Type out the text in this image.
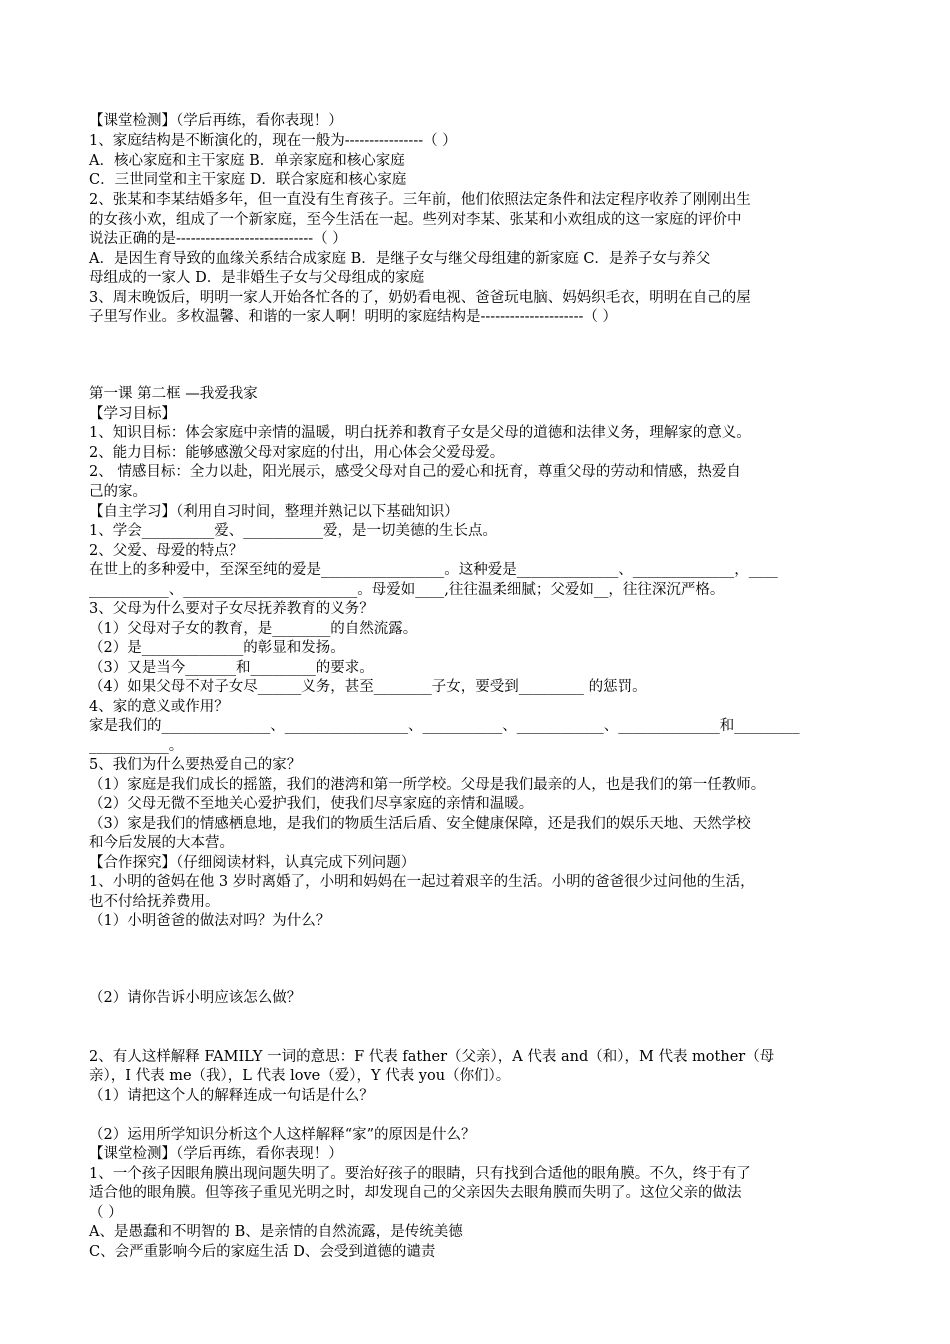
【课堂检测】（学后再练，看你表现！）
1、家庭结构是不断演化的，现在一般为----------------（ ）
A．核心家庭和主干家庭 B．单亲家庭和核心家庭
C．三世同堂和主干家庭 D．联合家庭和核心家庭
2、张某和李某结婚多年，但一直没有生育孩子。三年前，他们依照法定条件和法定程序收养了刚刚出生
的女孩小欢，组成了一个新家庭，至今生活在一起。些列对李某、张某和小欢组成的这一家庭的评价中
说法正确的是----------------------------（ ）
A．是因生育导致的血缘关系结合成家庭 B．是继子女与继父母组建的新家庭 C．是养子女与养父
母组成的一家人 D．是非婚生子女与父母组成的家庭
3、周末晚饭后，明明一家人开始各忙各的了，奶奶看电视、爸爸玩电脑、妈妈织毛衣，明明在自己的屋
子里写作业。多枚温馨、和谐的一家人啊！明明的家庭结构是---------------------（ ）
第一课 第二框 —我爱我家
【学习目标】
1、知识目标：体会家庭中亲情的温暖，明白抚养和教育子女是父母的道德和法律义务，理解家的意义。
2、能力目标：能够感激父母对家庭的付出，用心体会父爱母爱。
2、 情感目标：全力以赴，阳光展示，感受父母对自己的爱心和抚育，尊重父母的劳动和情感，热爱自
己的家。
【自主学习】（利用自习时间，整理并熟记以下基础知识）
1、学会__________爱、___________爱，是一切美德的生长点。
2、父爱、母爱的特点？
在世上的多种爱中，至深至纯的爱是_________________。这种爱是______________、______________，____
___________、________________________。母爱如____,往往温柔细腻；父爱如__，往往深沉严格。
3、父母为什么要对子女尽抚养教育的义务？
（1）父母对子女的教育，是________的自然流露。
（2）是______________的彰显和发扬。
（3）又是当今_______和_________的要求。
（4）如果父母不对子女尽______义务，甚至________子女，要受到_________ 的惩罚。
4、家的意义或作用？
家是我们的_______________、_________________、___________、____________、______________和_________
___________。
5、我们为什么要热爱自己的家？
（1）家庭是我们成长的摇篮，我们的港湾和第一所学校。父母是我们最亲的人，也是我们的第一任教师。
（2）父母无微不至地关心爱护我们，使我们尽享家庭的亲情和温暖。
（3）家是我们的情感栖息地，是我们的物质生活后盾、安全健康保障，还是我们的娱乐天地、天然学校
和今后发展的大本营。
【合作探究】（仔细阅读材料，认真完成下列问题）
1、小明的爸妈在他 3 岁时离婚了，小明和妈妈在一起过着艰辛的生活。小明的爸爸很少过问他的生活，
也不付给抚养费用。
（1）小明爸爸的做法对吗？为什么？
（2）请你告诉小明应该怎么做？
2、有人这样解释 FAMILY 一词的意思：F 代表 father（父亲），A 代表 and（和），M 代表 mother（母
亲），I 代表 me（我），L 代表 love（爱），Y 代表 you（你们）。
（1）请把这个人的解释连成一句话是什么？
（2）运用所学知识分析这个人这样解释“家”的原因是什么？
【课堂检测】（学后再练，看你表现！）
1、一个孩子因眼角膜出现问题失明了。要治好孩子的眼睛，只有找到合适他的眼角膜。不久，终于有了
适合他的眼角膜。但等孩子重见光明之时，却发现自己的父亲因失去眼角膜而失明了。这位父亲的做法
（ ）
A、是愚蠢和不明智的 B、是亲情的自然流露，是传统美德
C、会严重影响今后的家庭生活 D、会受到道德的谴责
